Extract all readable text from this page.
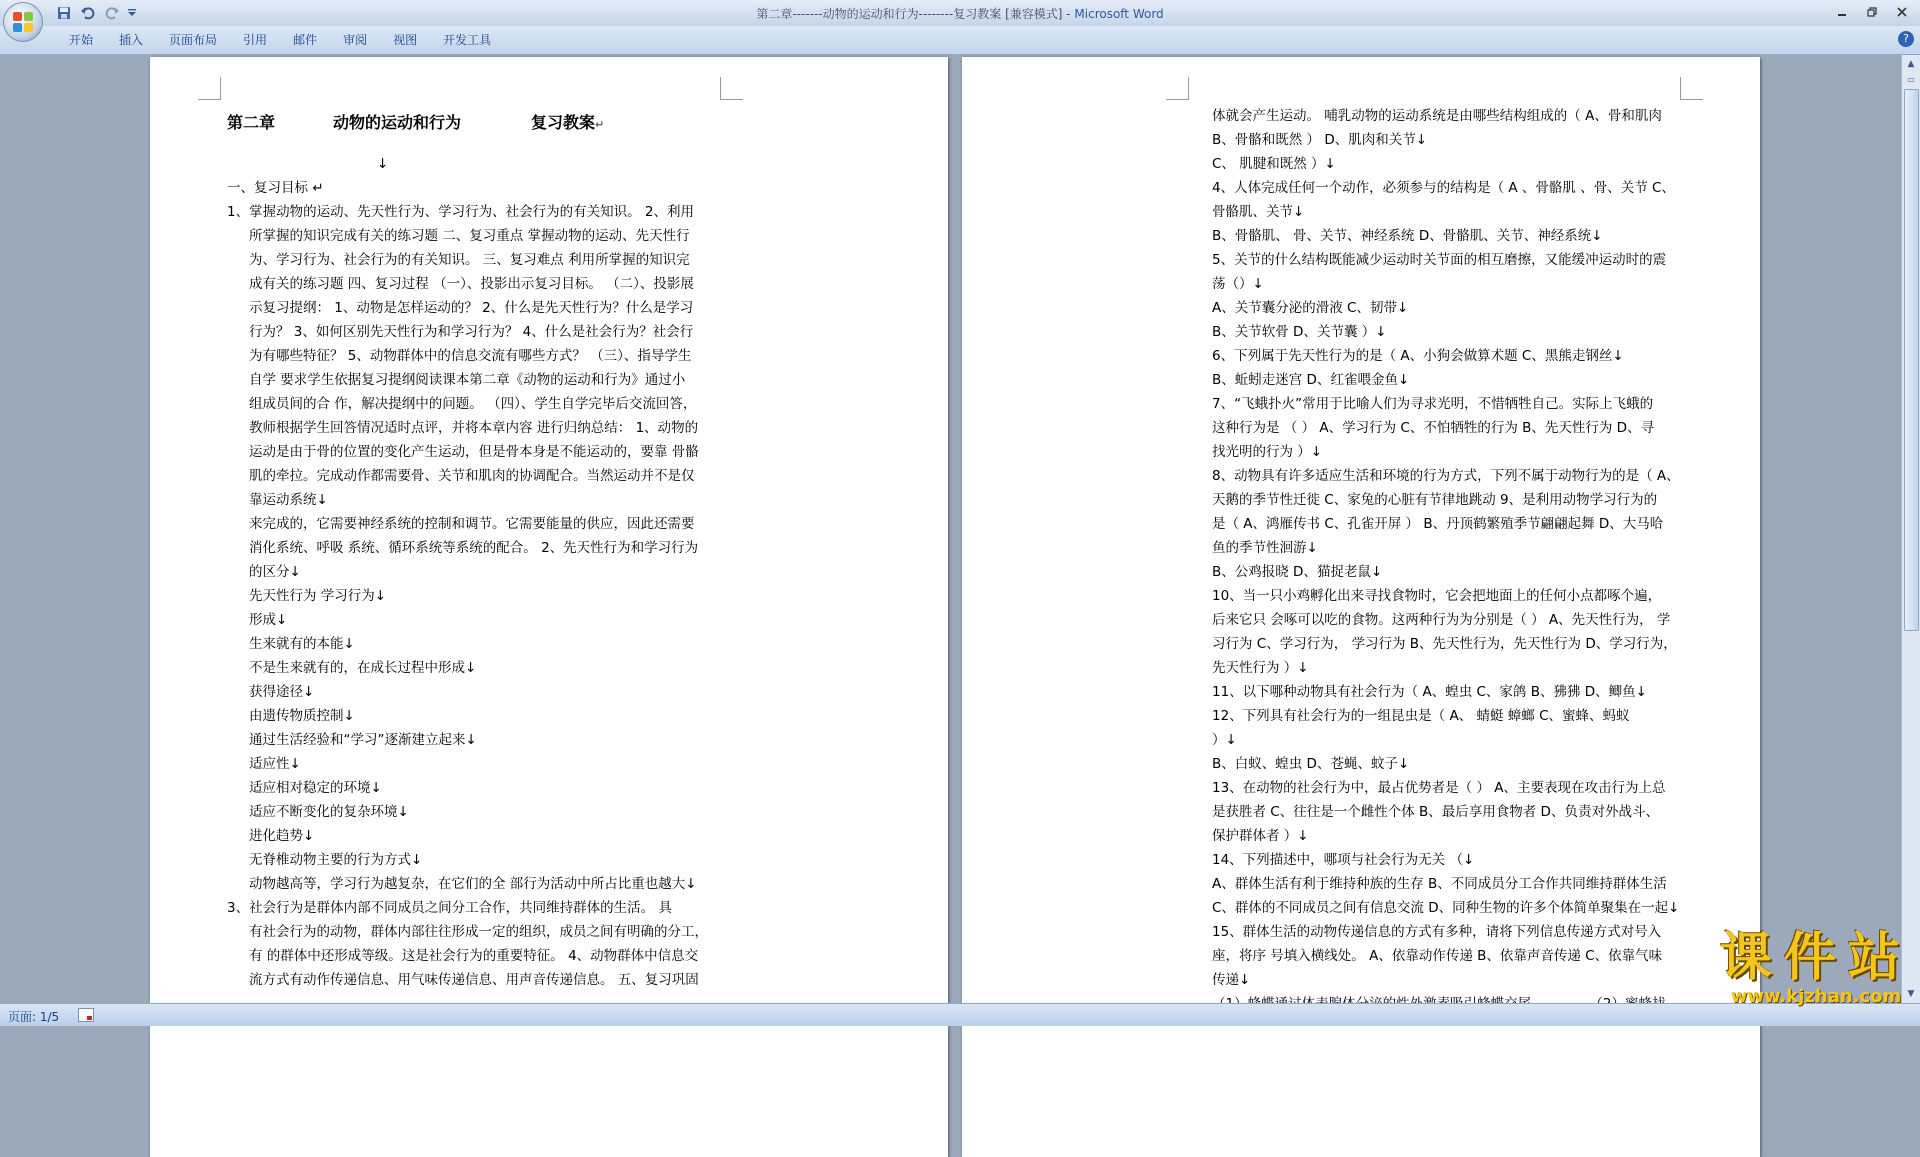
第二章-------动物的运动和行为--------复习教案 [兼容模式] - Microsoft Word
开始	插入	页面布局	引用	邮件	审阅	视图	开发工具	?

第二章	动物的运动和行为	复习教案↵

↓

一、复习目标 ↵

1、掌握动物的运动、先天性行为、学习行为、社会行为的有关知识。 2、利用

所掌握的知识完成有关的练习题 二、复习重点 掌握动物的运动、先天性行

为、学习行为、社会行为的有关知识。 三、复习难点 利用所掌握的知识完

成有关的练习题 四、复习过程 （一）、投影出示复习目标。 （二）、投影展

示复习提纲： 1、动物是怎样运动的？ 2、什么是先天性行为？什么是学习

行为？ 3、如何区别先天性行为和学习行为？ 4、什么是社会行为？社会行

为有哪些特征？ 5、动物群体中的信息交流有哪些方式？ （三）、指导学生

自学 要求学生依据复习提纲阅读课本第二章《动物的运动和行为》通过小

组成员间的合 作，解决提纲中的问题。 （四）、学生自学完毕后交流回答，

教师根据学生回答情况适时点评，并将本章内容 进行归纳总结： 1、动物的

运动是由于骨的位置的变化产生运动，但是骨本身是不能运动的，要靠 骨骼

肌的牵拉。完成动作都需要骨、关节和肌肉的协调配合。当然运动并不是仅

靠运动系统↓

来完成的，它需要神经系统的控制和调节。它需要能量的供应，因此还需要

消化系统、呼吸 系统、循环系统等系统的配合。 2、先天性行为和学习行为

的区分↓

先天性行为 学习行为↓

形成↓

生来就有的本能↓

不是生来就有的，在成长过程中形成↓

获得途径↓

由遗传物质控制↓

通过生活经验和“学习”逐渐建立起来↓

适应性↓

适应相对稳定的环境↓

适应不断变化的复杂环境↓

进化趋势↓

无脊椎动物主要的行为方式↓

动物越高等，学习行为越复杂，在它们的全 部行为活动中所占比重也越大↓

3、社会行为是群体内部不同成员之间分工合作，共同维持群体的生活。 具

有社会行为的动物，群体内部往往形成一定的组织，成员之间有明确的分工，

有 的群体中还形成等级。这是社会行为的重要特征。 4、动物群体中信息交

流方式有动作传递信息、用气味传递信息、用声音传递信息。 五、复习巩固

体就会产生运动。 哺乳动物的运动系统是由哪些结构组成的（ A、骨和肌肉

B、骨骼和既然 ） D、肌肉和关节↓

C、 肌腱和既然 ）↓

4、人体完成任何一个动作，必须参与的结构是（ A 、骨骼肌 、骨、关节 C、

骨骼肌、关节↓

B、骨骼肌、 骨、关节、神经系统 D、骨骼肌、关节、神经系统↓

5、关节的什么结构既能减少运动时关节面的相互磨擦，又能缓冲运动时的震

荡（）↓

A、关节囊分泌的滑液 C、韧带↓

B、关节软骨 D、关节囊 ）↓

6、下列属于先天性行为的是（ A、小狗会做算术题 C、黑熊走钢丝↓

B、蚯蚓走迷宫 D、红雀喂金鱼↓

7、“飞蛾扑火”常用于比喻人们为寻求光明，不惜牺牲自己。实际上飞蛾的

这种行为是 （ ） A、学习行为 C、不怕牺牲的行为 B、先天性行为 D、寻

找光明的行为 ）↓

8、动物具有许多适应生活和环境的行为方式，下列不属于动物行为的是（ A、

天鹅的季节性迁徙 C、家兔的心脏有节律地跳动 9、是利用动物学习行为的

是（ A、鸿雁传书 C、孔雀开屏 ） B、丹顶鹤繁殖季节翩翩起舞 D、大马哈

鱼的季节性洄游↓

B、公鸡报晓 D、猫捉老鼠↓

10、当一只小鸡孵化出来寻找食物时，它会把地面上的任何小点都啄个遍，

后来它只 会啄可以吃的食物。这两种行为为分别是（ ） A、先天性行为， 学

习行为 C、学习行为， 学习行为 B、先天性行为，先天性行为 D、学习行为，

先天性行为 ）↓

11、以下哪种动物具有社会行为（ A、蝗虫 C、家鸽 B、狒狒 D、鲫鱼↓

12、下列具有社会行为的一组昆虫是（ A、 蜻蜓 蟑螂 C、蜜蜂、蚂蚁

）↓

B、白蚁、蝗虫 D、苍蝇、蚊子↓

13、在动物的社会行为中，最占优势者是（ ） A、主要表现在攻击行为上总

是获胜者 C、往往是一个雌性个体 B、最后享用食物者 D、负责对外战斗、

保护群体者 ）↓

14、下列描述中，哪项与社会行为无关 （↓

A、群体生活有利于维持种族的生存 B、不同成员分工合作共同维持群体生活

C、群体的不同成员之间有信息交流 D、同种生物的许多个体简单聚集在一起↓

15、群体生活的动物传递信息的方式有多种，请将下列信息传递方式对号入

座，将序 号填入横线处。 A、依靠动作传递 B、依靠声音传递 C、依靠气味

传递↓

▲
▭
▼
页面: 1/5
课件站
www.kjzhan.com
